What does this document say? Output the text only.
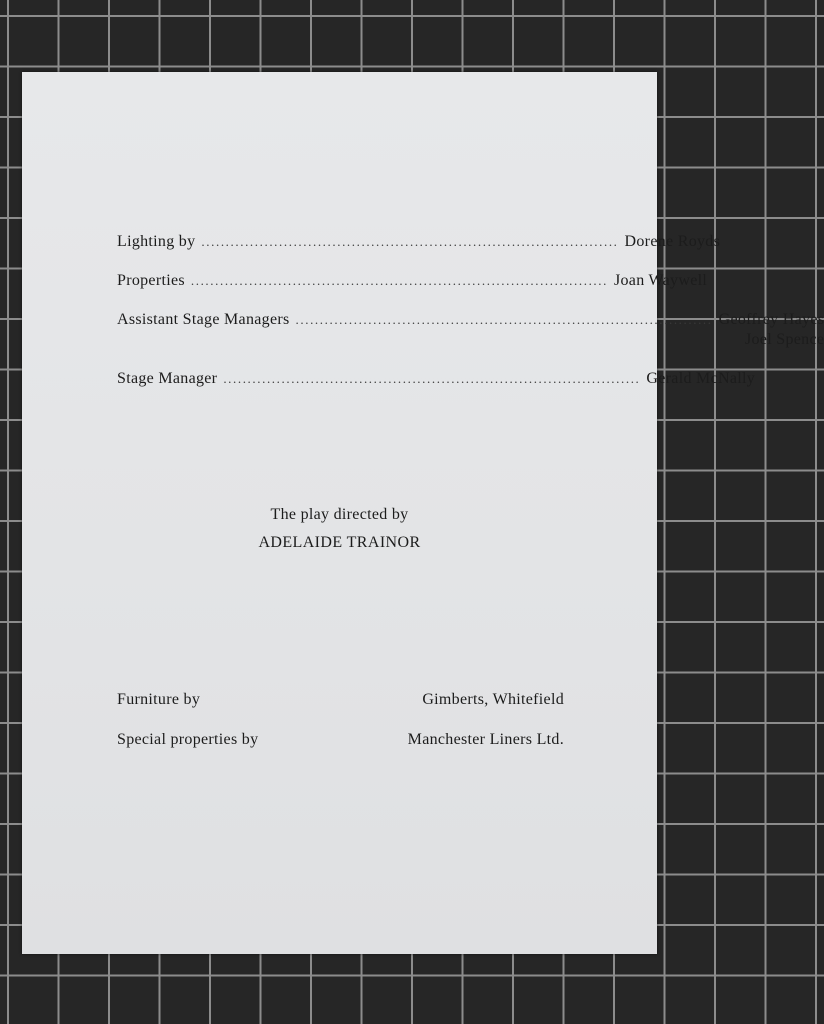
Lighting by ...................................................................................... Dorene Royds
Properties ...................................................................................... Joan Waywell
Assistant Stage Managers ...................................................................................... Geoffrey Hayes
Joel Spence
Stage Manager ...................................................................................... Gerald McNally
The play directed by
ADELAIDE TRAINOR
Furniture by	Gimberts, Whitefield
Special properties by	Manchester Liners Ltd.
